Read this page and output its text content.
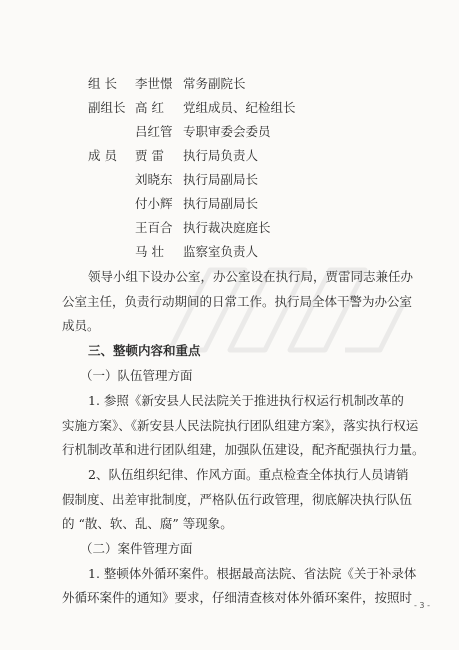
组 长 李世憬 常务副院长
副组长 高 红 党组成员、纪检组长
吕红管 专职审委会委员
成 员 贾 雷 执行局负责人
刘晓东 执行局副局长
付小辉 执行局副局长
王百合 执行裁决庭庭长
马 壮 监察室负责人
领导小组下设办公室，办公室设在执行局，贾雷同志兼任办
公室主任，负责行动期间的日常工作。执行局全体干警为办公室
成员。
三、整顿内容和重点
（一）队伍管理方面
1. 参照《新安县人民法院关于推进执行权运行机制改革的
实施方案》、《新安县人民法院执行团队组建方案》，落实执行权运
行机制改革和进行团队组建，加强队伍建设，配齐配强执行力量。
2、队伍组织纪律、作风方面。重点检查全体执行人员请销
假制度、出差审批制度，严格队伍行政管理，彻底解决执行队伍
的 “散、软、乱、腐” 等现象。
（二）案件管理方面
1. 整顿体外循环案件。根据最高法院、省法院《关于补录体
外循环案件的通知》要求，仔细清查核对体外循环案件，按照时
- 3 -
